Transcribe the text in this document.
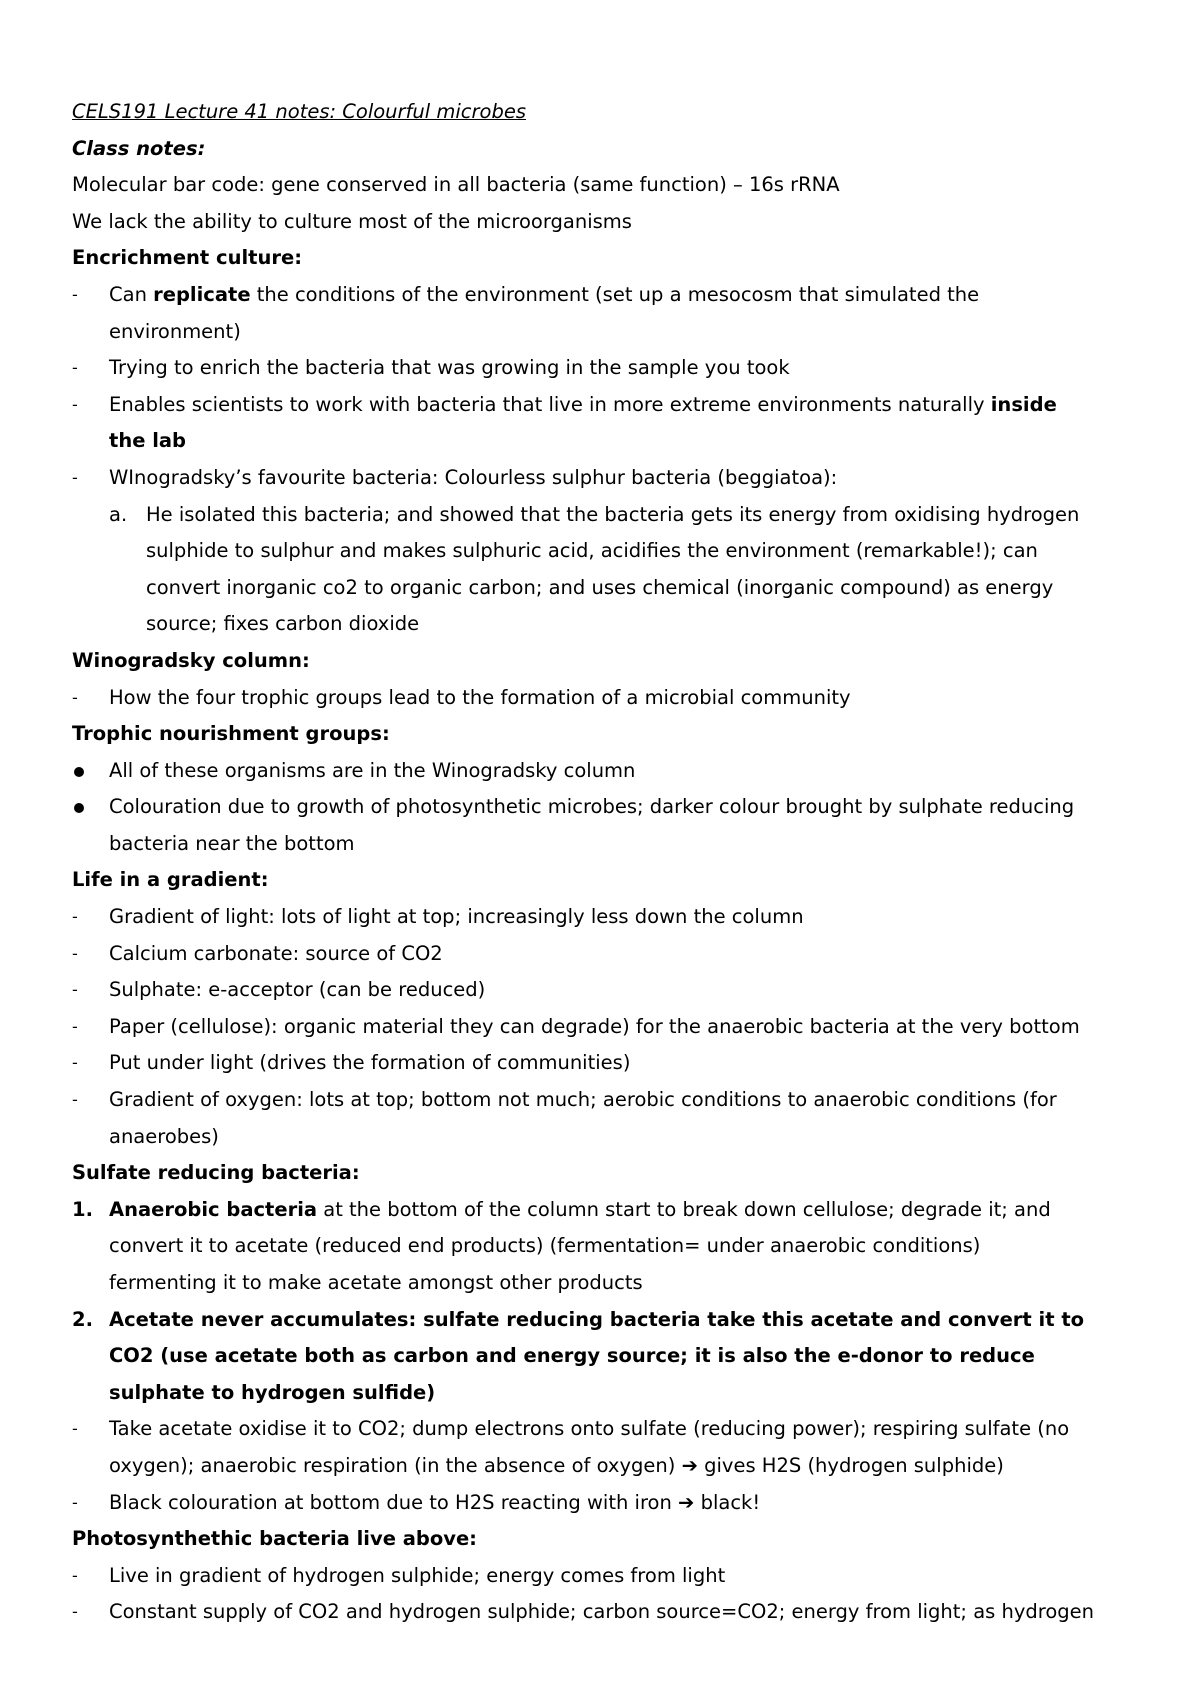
CELS191 Lecture 41 notes: Colourful microbes
Class notes:
Molecular bar code: gene conserved in all bacteria (same function) – 16s rRNA
We lack the ability to culture most of the microorganisms
Encrichment culture:
-	Can replicate the conditions of the environment (set up a mesocosm that simulated the
environment)
-	Trying to enrich the bacteria that was growing in the sample you took
-	Enables scientists to work with bacteria that live in more extreme environments naturally inside
the lab
-	WInogradsky’s favourite bacteria: Colourless sulphur bacteria (beggiatoa):
a. He isolated this bacteria; and showed that the bacteria gets its energy from oxidising hydrogen
sulphide to sulphur and makes sulphuric acid, acidifies the environment (remarkable!); can
convert inorganic co2 to organic carbon; and uses chemical (inorganic compound) as energy
source; fixes carbon dioxide
Winogradsky column:
-	How the four trophic groups lead to the formation of a microbial community
Trophic nourishment groups:
All of these organisms are in the Winogradsky column
Colouration due to growth of photosynthetic microbes; darker colour brought by sulphate reducing
bacteria near the bottom
Life in a gradient:
-	Gradient of light: lots of light at top; increasingly less down the column
-	Calcium carbonate: source of CO2
-	Sulphate: e-acceptor (can be reduced)
-	Paper (cellulose): organic material they can degrade) for the anaerobic bacteria at the very bottom
-	Put under light (drives the formation of communities)
-	Gradient of oxygen: lots at top; bottom not much; aerobic conditions to anaerobic conditions (for
anaerobes)
Sulfate reducing bacteria:
1. Anaerobic bacteria at the bottom of the column start to break down cellulose; degrade it; and
convert it to acetate (reduced end products) (fermentation= under anaerobic conditions)
fermenting it to make acetate amongst other products
2. Acetate never accumulates: sulfate reducing bacteria take this acetate and convert it to
CO2 (use acetate both as carbon and energy source; it is also the e-donor to reduce
sulphate to hydrogen sulfide)
-	Take acetate oxidise it to CO2; dump electrons onto sulfate (reducing power); respiring sulfate (no
oxygen); anaerobic respiration (in the absence of oxygen) ➔ gives H2S (hydrogen sulphide)
-	Black colouration at bottom due to H2S reacting with iron ➔ black!
Photosynthethic bacteria live above:
-	Live in gradient of hydrogen sulphide; energy comes from light
-	Constant supply of CO2 and hydrogen sulphide; carbon source=CO2; energy from light; as hydrogen
